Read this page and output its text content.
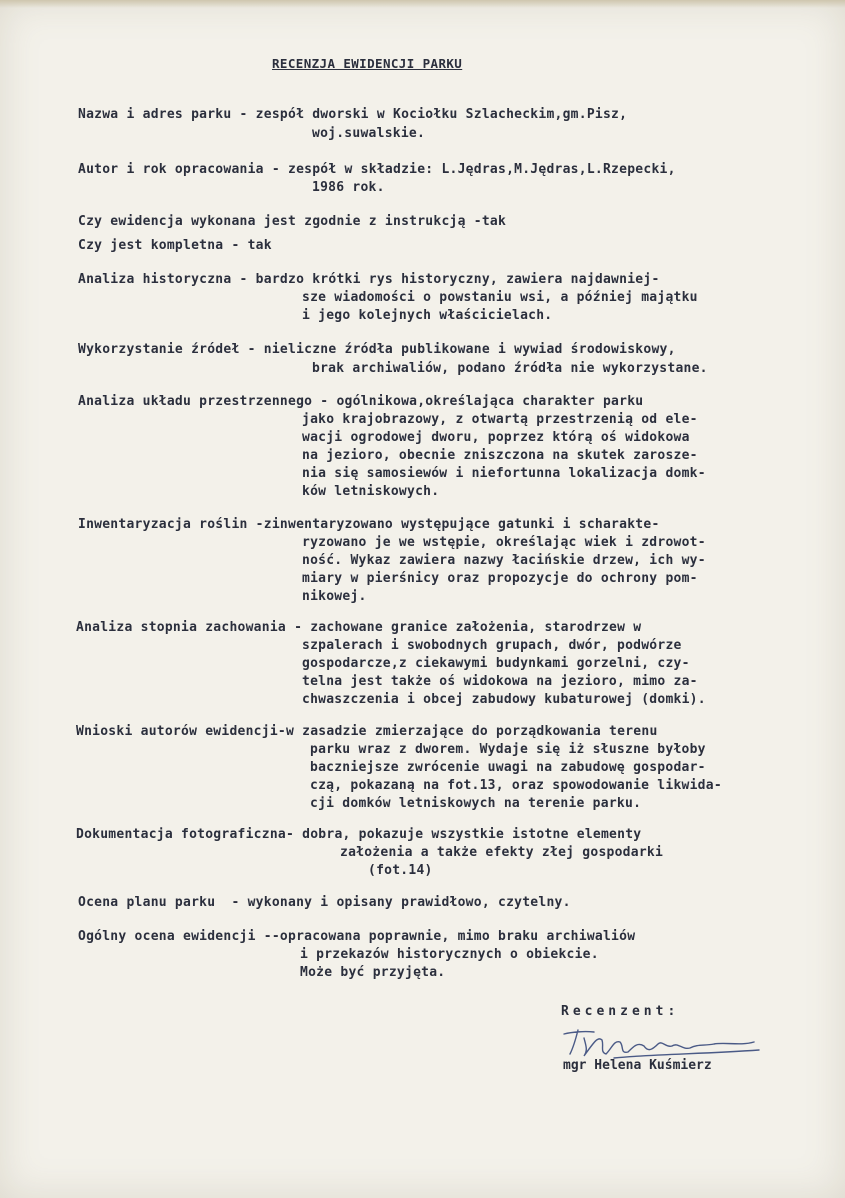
RECENZJA EWIDENCJI PARKU
Nazwa i adres parku - zespół dworski w Kociołku Szlacheckim,gm.Pisz,
woj.suwalskie.
Autor i rok opracowania - zespół w składzie: L.Jędras,M.Jędras,L.Rzepecki,
1986 rok.
Czy ewidencja wykonana jest zgodnie z instrukcją -tak
Czy jest kompletna - tak
Analiza historyczna - bardzo krótki rys historyczny, zawiera najdawniej-
sze wiadomości o powstaniu wsi, a później majątku
i jego kolejnych właścicielach.
Wykorzystanie źródeł - nieliczne źródła publikowane i wywiad środowiskowy,
brak archiwaliów, podano źródła nie wykorzystane.
Analiza układu przestrzennego - ogólnikowa,określająca charakter parku
jako krajobrazowy, z otwartą przestrzenią od ele-
wacji ogrodowej dworu, poprzez którą oś widokowa
na jezioro, obecnie zniszczona na skutek zarosze-
nia się samosiewów i niefortunna lokalizacja domk-
ków letniskowych.
Inwentaryzacja roślin -zinwentaryzowano występujące gatunki i scharakte-
ryzowano je we wstępie, określając wiek i zdrowot-
ność. Wykaz zawiera nazwy łacińskie drzew, ich wy-
miary w pierśnicy oraz propozycje do ochrony pom-
nikowej.
Analiza stopnia zachowania - zachowane granice założenia, starodrzew w
szpalerach i swobodnych grupach, dwór, podwórze
gospodarcze,z ciekawymi budynkami gorzelni, czy-
telna jest także oś widokowa na jezioro, mimo za-
chwaszczenia i obcej zabudowy kubaturowej (domki).
Wnioski autorów ewidencji-w zasadzie zmierzające do porządkowania terenu
parku wraz z dworem. Wydaje się iż słuszne byłoby
baczniejsze zwrócenie uwagi na zabudowę gospodar-
czą, pokazaną na fot.13, oraz spowodowanie likwida-
cji domków letniskowych na terenie parku.
Dokumentacja fotograficzna- dobra, pokazuje wszystkie istotne elementy
założenia a także efekty złej gospodarki
(fot.14)
Ocena planu parku  - wykonany i opisany prawidłowo, czytelny.
Ogólny ocena ewidencji --opracowana poprawnie, mimo braku archiwaliów
i przekazów historycznych o obiekcie.
Może być przyjęta.
Recenzent:
mgr Helena Kuśmierz
